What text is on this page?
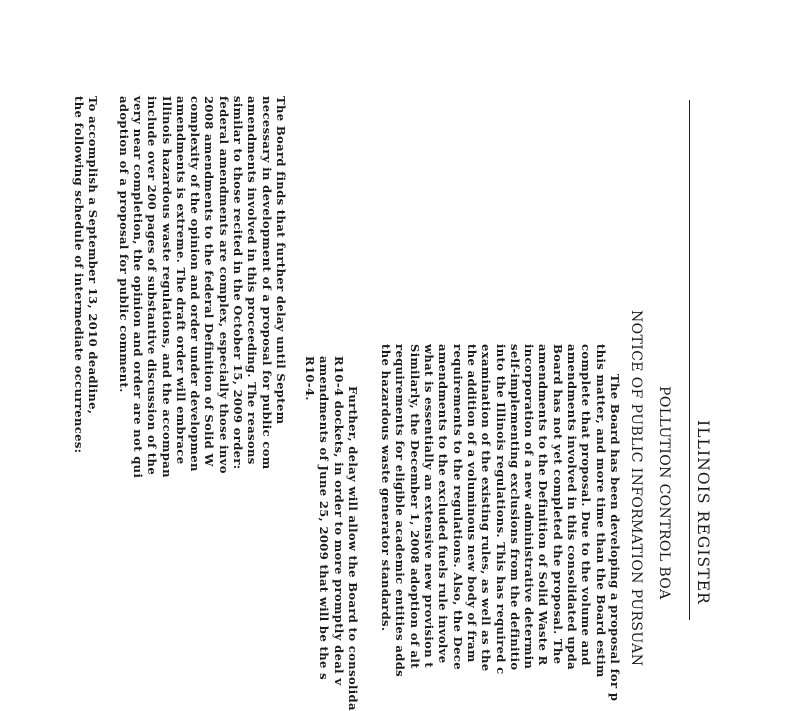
ILLINOIS REGISTER
POLLUTION CONTROL BOA
NOTICE OF PUBLIC INFORMATION PURSUAN
The Board has been developing a proposal for p
this matter, and more time than the Board estim
complete that proposal. Due to the volume and
amendments involved in this consolidated upda
Board has not yet completed the proposal. The
amendments to the Definition of Solid Waste R
incorporation of a new administrative determin
self-implementing exclusions from the definitio
into the Illinois regulations. This has required c
examination of the existing rules, as well as the
the addition of a voluminous new body of fram
requirements to the regulations. Also, the Dece
amendments to the excluded fuels rule involve
what is essentially an extensive new provision t
Similarly, the December 1, 2008 adoption of alt
requirements for eligible academic entities adds
the hazardous waste generator standards.
Further, delay will allow the Board to consolida
R10-4 dockets, in order to more promptly deal v
amendments of June 25, 2009 that will be the s
R10-4.
The Board finds that further delay until Septem
necessary in development of a proposal for public com
amendments involved in this proceeding. The reasons
similar to those recited in the October 15, 2009 order:
federal amendments are complex, especially those invo
2008 amendments to the federal Definition of Solid W
complexity of the opinion and order under developmen
amendments is extreme. The draft order will embrace
Illinois hazardous waste regulations, and the accompan
include over 200 pages of substantive discussion of the
very near completion, the opinion and order are not qui
adoption of a proposal for public comment.
To accomplish a September 13, 2010 deadline,
the following schedule of intermediate occurrences:
